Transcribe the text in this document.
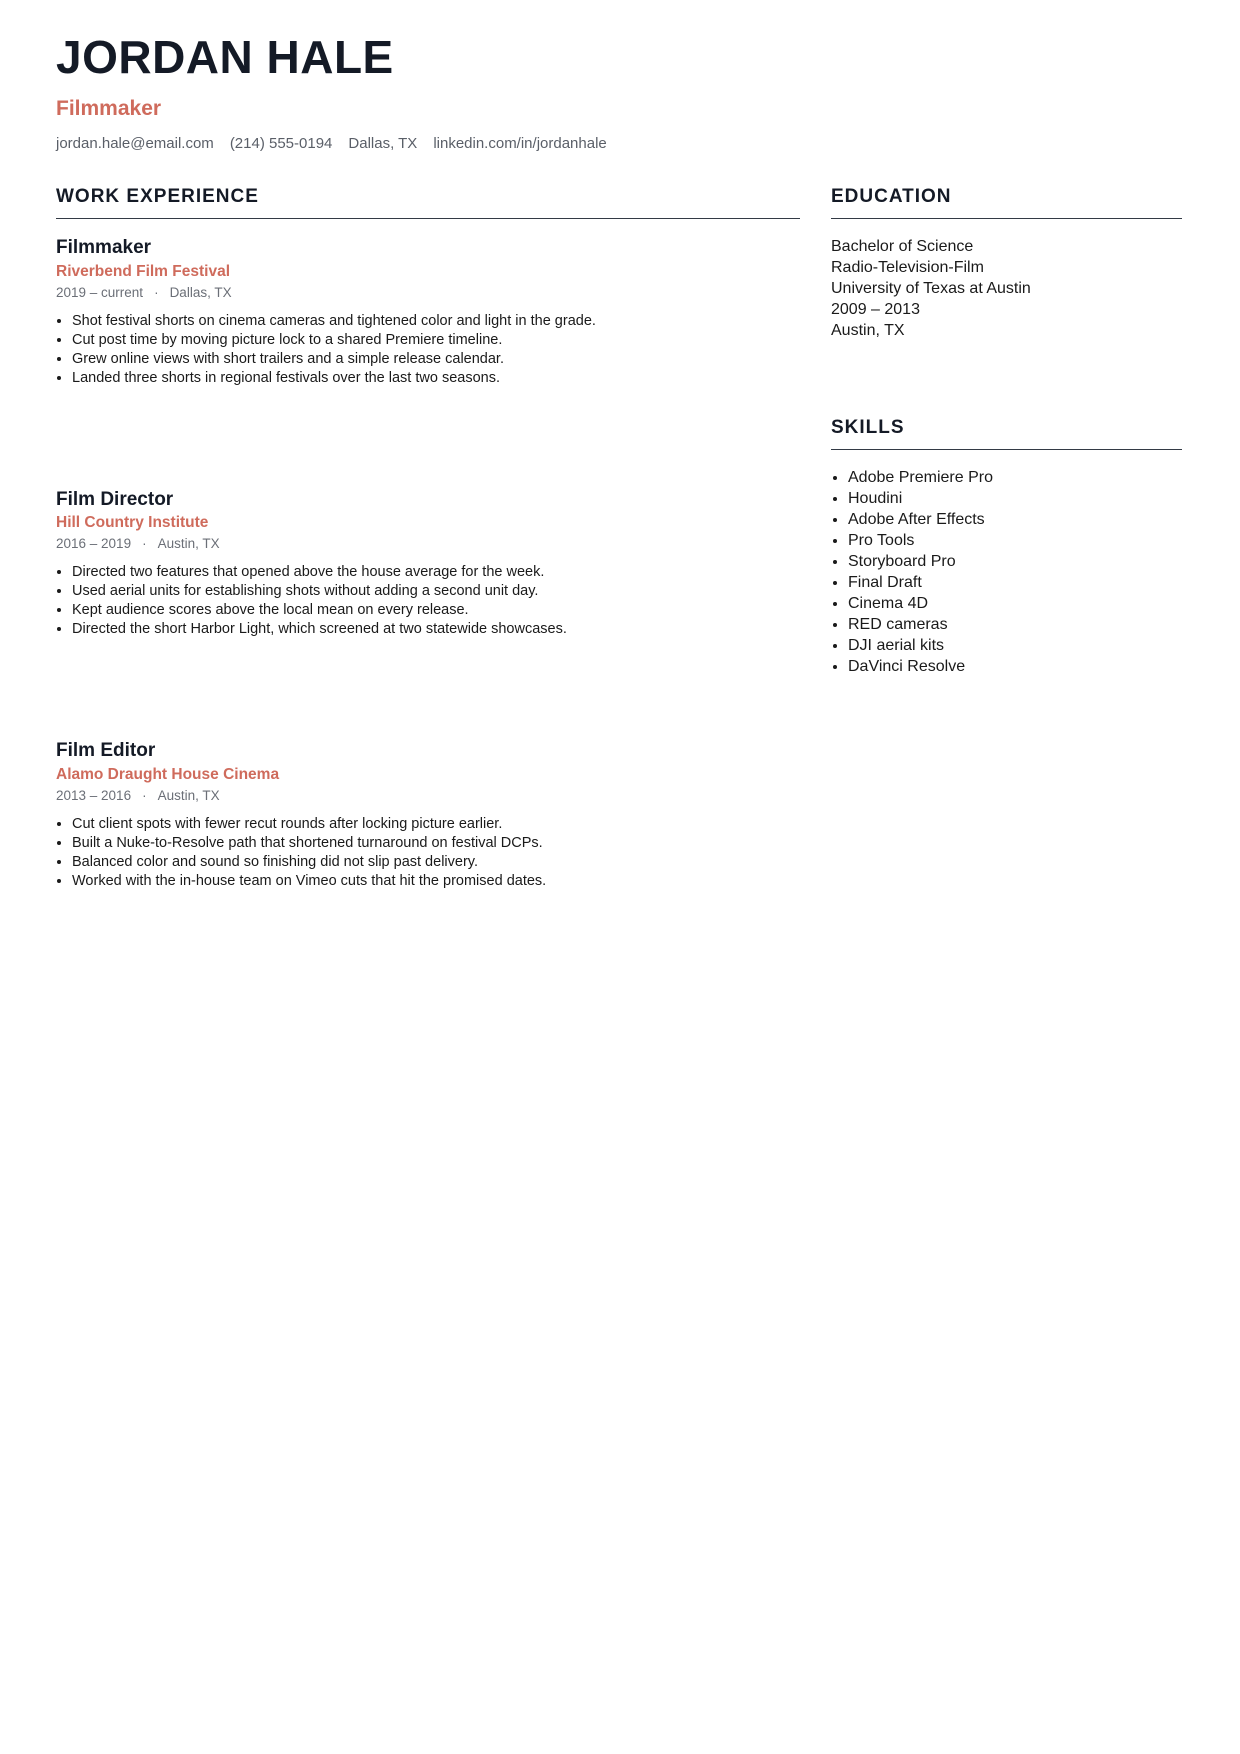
JORDAN HALE
Filmmaker
jordan.hale@email.com (214) 555-0194 Dallas, TX linkedin.com/in/jordanhale
WORK EXPERIENCE
Filmmaker
Riverbend Film Festival
2019 – current · Dallas, TX
• Shot festival shorts on cinema cameras and tightened color and light in the grade.
• Cut post time by moving picture lock to a shared Premiere timeline.
• Grew online views with short trailers and a simple release calendar.
• Landed three shorts in regional festivals over the last two seasons.
Film Director
Hill Country Institute
2016 – 2019 · Austin, TX
• Directed two features that opened above the house average for the week.
• Used aerial units for establishing shots without adding a second unit day.
• Kept audience scores above the local mean on every release.
• Directed the short Harbor Light, which screened at two statewide showcases.
Film Editor
Alamo Draught House Cinema
2013 – 2016 · Austin, TX
• Cut client spots with fewer recut rounds after locking picture earlier.
• Built a Nuke-to-Resolve path that shortened turnaround on festival DCPs.
• Balanced color and sound so finishing did not slip past delivery.
• Worked with the in-house team on Vimeo cuts that hit the promised dates.
EDUCATION
Bachelor of Science
Radio-Television-Film
University of Texas at Austin
2009 – 2013
Austin, TX
SKILLS
• Adobe Premiere Pro
• Houdini
• Adobe After Effects
• Pro Tools
• Storyboard Pro
• Final Draft
• Cinema 4D
• RED cameras
• DJI aerial kits
• DaVinci Resolve
